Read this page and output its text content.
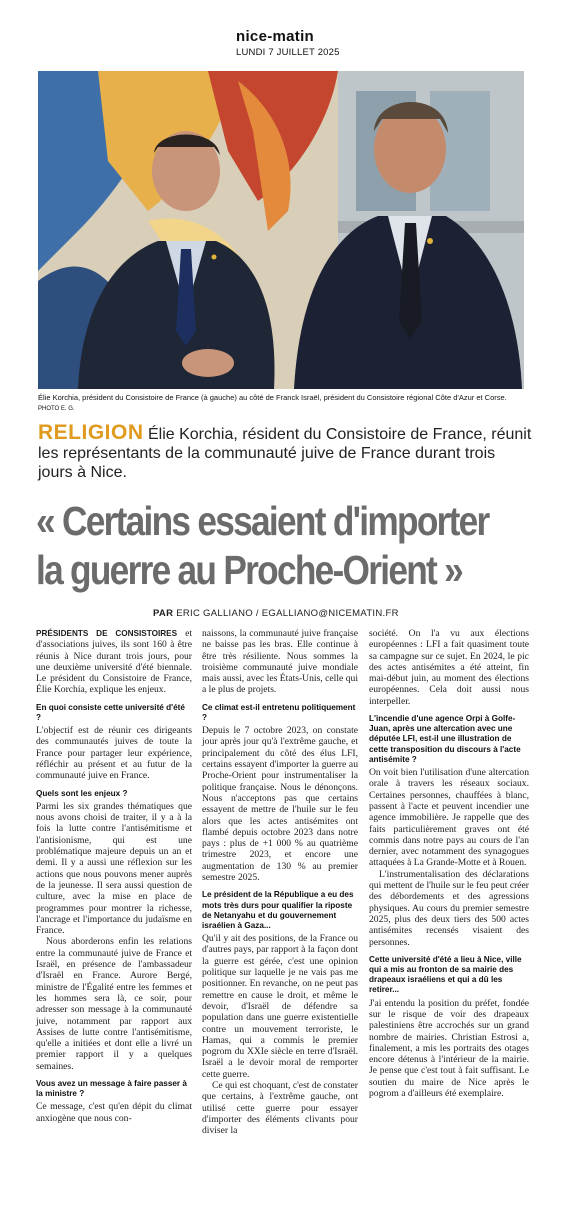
nice-matin
LUNDI 7 JUILLET 2025
Élie Korchia, président du Consistoire de France (à gauche) au côté de Franck Israël, président du Consistoire régional Côte d'Azur et Corse. PHOTO E. G.
RELIGION Élie Korchia, résident du Consistoire de France, réunit les représentants de la communauté juive de France durant trois jours à Nice.
« Certains essaient d'importer
la guerre au Proche-Orient »
PAR ERIC GALLIANO / EGALLIANO@NICEMATIN.FR

PRÉSIDENTS DE CONSISTOIRES et d'associations juives, ils sont 160 à être réunis à Nice durant trois jours, pour une deuxième université d'été biennale. Le président du Consistoire de France, Élie Korchia, explique les enjeux.

En quoi consiste cette université d'été ?

L'objectif est de réunir ces dirigeants des communautés juives de toute la France pour partager leur expérience, réfléchir au présent et au futur de la communauté juive en France.

Quels sont les enjeux ?

Parmi les six grandes thématiques que nous avons choisi de traiter, il y a à la fois la lutte contre l'antisémitisme et l'antisionisme, qui est une problématique majeure depuis un an et demi. Il y a aussi une réflexion sur les actions que nous pouvons mener auprès de la jeunesse. Il sera aussi question de culture, avec la mise en place de programmes pour montrer la richesse, l'ancrage et l'importance du judaïsme en France.

Nous aborderons enfin les relations entre la communauté juive de France et Israël, en présence de l'ambassadeur d'Israël en France. Aurore Bergé, ministre de l'Égalité entre les femmes et les hommes sera là, ce soir, pour adresser son message à la communauté juive, notamment par rapport aux Assises de lutte contre l'antisémitisme, qu'elle a initiées et dont elle a livré un premier rapport il y a quelques semaines.

Vous avez un message à faire passer à la ministre ?

Ce message, c'est qu'en dépit du climat anxiogène que nous con-

naissons, la communauté juive française ne baisse pas les bras. Elle continue à être très résiliente. Nous sommes la troisième communauté juive mondiale mais aussi, avec les États-Unis, celle qui a le plus de projets.

Ce climat est-il entretenu politiquement ?

Depuis le 7 octobre 2023, on constate jour après jour qu'à l'extrême gauche, et principalement du côté des élus LFI, certains essayent d'importer la guerre au Proche-Orient pour instrumentaliser la politique française. Nous le dénonçons. Nous n'acceptons pas que certains essayent de mettre de l'huile sur le feu alors que les actes antisémites ont flambé depuis octobre 2023 dans notre pays : plus de +1 000 % au quatrième trimestre 2023, et encore une augmentation de 130 % au premier semestre 2025.

Le président de la République a eu des mots très durs pour qualifier la riposte de Netanyahu et du gouvernement israélien à Gaza...

Qu'il y ait des positions, de la France ou d'autres pays, par rapport à la façon dont la guerre est gérée, c'est une opinion politique sur laquelle je ne vais pas me positionner. En revanche, on ne peut pas remettre en cause le droit, et même le devoir, d'Israël de défendre sa population dans une guerre existentielle contre un mouvement terroriste, le Hamas, qui a commis le premier pogrom du XXIe siècle en terre d'Israël. Israël a le devoir moral de remporter cette guerre.

Ce qui est choquant, c'est de constater que certains, à l'extrême gauche, ont utilisé cette guerre pour essayer d'importer des éléments clivants pour diviser la

société. On l'a vu aux élections européennes : LFI a fait quasiment toute sa campagne sur ce sujet. En 2024, le pic des actes antisémites a été atteint, fin mai-début juin, au moment des élections européennes. Cela doit aussi nous interpeller.

L'incendie d'une agence Orpi à Golfe-Juan, après une altercation avec une députée LFI, est-il une illustration de cette transposition du discours à l'acte antisémite ?

On voit bien l'utilisation d'une altercation orale à travers les réseaux sociaux. Certaines personnes, chauffées à blanc, passent à l'acte et peuvent incendier une agence immobilière. Je rappelle que des faits particulièrement graves ont été commis dans notre pays au cours de l'an dernier, avec notamment des synagogues attaquées à La Grande-Motte et à Rouen.

L'instrumentalisation des déclarations qui mettent de l'huile sur le feu peut créer des débordements et des agressions physiques. Au cours du premier semestre 2025, plus des deux tiers des 500 actes antisémites recensés visaient des personnes.

Cette université d'été a lieu à Nice, ville qui a mis au fronton de sa mairie des drapeaux israéliens et qui a dû les retirer...

J'ai entendu la position du préfet, fondée sur le risque de voir des drapeaux palestiniens être accrochés sur un grand nombre de mairies. Christian Estrosi a, finalement, a mis les portraits des otages encore détenus à l'intérieur de la mairie. Je pense que c'est tout à fait suffisant. Le soutien du maire de Nice après le pogrom a d'ailleurs été exemplaire.
